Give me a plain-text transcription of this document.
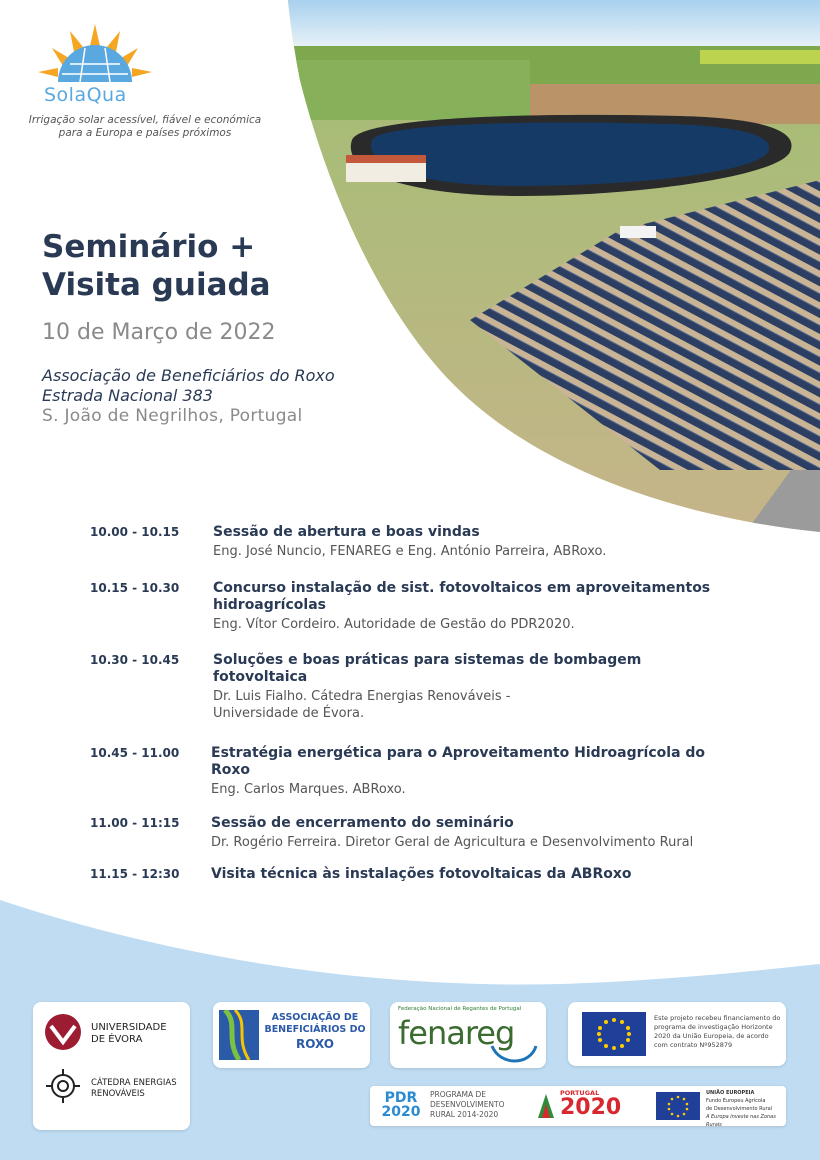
SolaQua
Irrigação solar acessível, fiável e económica
para a Europa e países próximos
Seminário +
Visita guiada
10 de Março de 2022
Associação de Beneficiários do Roxo
Estrada Nacional 383
S. João de Negrilhos, Portugal
10.00 - 10.15 Sessão de abertura e boas vindas
Eng. José Nuncio, FENAREG e Eng. António Parreira, ABRoxo.
10.15 - 10.30 Concurso instalação de sist. fotovoltaicos em aproveitamentos hidroagrícolas
Eng. Vítor Cordeiro. Autoridade de Gestão do PDR2020.
10.30 - 10.45 Soluções e boas práticas para sistemas de bombagem fotovoltaica
Dr. Luis Fialho. Cátedra Energias Renováveis -
Universidade de Évora.
10.45 - 11.00 Estratégia energética para o Aproveitamento Hidroagrícola do Roxo
Eng. Carlos Marques. ABRoxo.
11.00 - 11:15 Sessão de encerramento do seminário
Dr. Rogério Ferreira. Diretor Geral de Agricultura e Desenvolvimento Rural
11.15 - 12:30 Visita técnica às instalações fotovoltaicas da ABRoxo
UNIVERSIDADE
DE ÉVORA
CÁTEDRA ENERGIAS
RENOVÁVEIS
ASSOCIAÇÃO DE
BENEFICIÁRIOS DO
ROXO
Federação Nacional de Regantes de Portugal
fenareg	Este projeto recebeu financiamento do
programa de investigação Horizonte
2020 da União Europeia, de acordo
com contrato Nº952879
PDR 2020
PROGRAMA DE
DESENVOLVIMENTO
RURAL 2014-2020
PORTUGAL
2020
UNIÃO EUROPEIA
Fundo Europeu Agrícola
de Desenvolvimento Rural
A Europa investe nas Zonas Rurais
